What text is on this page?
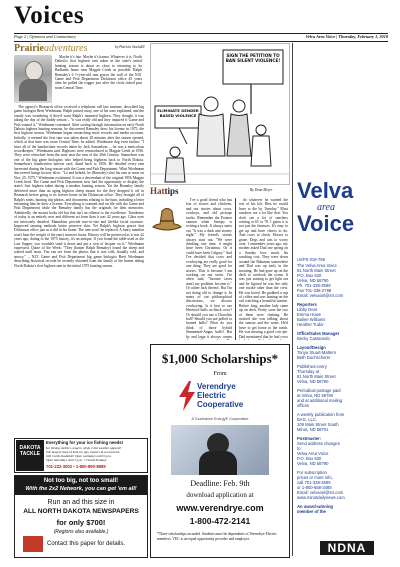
Voices
Page 2 | Opinions and Commentary	Velva Area Voice | Thursday, February 1, 2018
Prairieadventures	by Patricia Stockdill
Maybe it's fate. Maybe it's karma. Whatever it is, North Dakota's first bighorn ram taken in the state's initial hunting season is about as close to returning to its Badlands home near Magpie Creek as possible. Ralph Remaley's 6 ½-year-old ram graces the wall of the N.D. Game and Fish Department Dickinson office 45 years after he pulled the trigger just after the clock ticked past noon Central Time.
The agency's Bismarck office received a telephone call last summer, described big game biologist Brett Wiedmann. Ralph passed away, one of his sons explained, and the family was wondering if they'd want Ralph's mounted bighorn. They thought it was taking the day of the daddy season – "it was really old and they inquired if Game and Fish wanted it," Wiedmann continued. After sorting through information on early North Dakota bighorn hunting seasons, he discovered Remaley drew his license in 1975, the first bighorn season. Wiedmann began researching more records and media accounts. Initially, it seemed the first ram was taken about 20 minutes after the season opened, which at that time was noon Central Time, he added. Wiedmann dug even further. "I have all of the handwritten records taken by Jack Samuelson ... he was a meticulous recordkeeper," Wiedmann said. Bighorns were reintroduced to Magpie Creek in 1956. They were restocked from the state near the turn of the 20th Century. Samuelson was one of the big game biologists who helped bring bighorns back to North Dakota. Samuelson's handwritten harvest card, dated back to 1956. He detailed every ram harvested during the long season with the Game and Fish Department. What Wiedmann discovered brings history alive: "Lo and behold, he (Remaley) shot his ram at noon on Nov. 25, 1975," Wiedmann exclaimed. It was a descendant of the original 1956 Magpie Creek herd. The Game and Fish Department now had the opportunity to display the state's first bighorn taken during a modern hunting season. Yet the Remaley family delivered more than an aging bighorn sheep mount for the they dropped it off in Bismarck before going to its forever home in the Dickinson office. They brought all of Ralph's notes, hunting trip photos, and documents relating to the hunt, including a letter informing him he drew a license. Everything is scanned and on file with the Game and Fish Department while the Remaley family has the originals for their memories. Admittedly, the mount looks old but that isn't an offense to the excellence. Taxidermy of today is an entirely new and different art form than it was 42 years ago. Glass eyes are intricately detailed. Mannikins provide true-to-size and lifelike facial structure. Improved tanning methods better preserve skin. Yet Ralph's bighorn graces that Dickinson office just as it did in his home. The ram won't be replaced. A fancy manikin won't bear the weight of the ram's massive horns. History will be preserved as it was 42 years ago, dating to the 1975 history, it's an antique. If you found the table used as the Last Supper, you wouldn't sand it down and put a coat of lacquer on it," Wiedmann expressed. Quote of the Week: "They (hunter Ralph Remaley) found the sheep and waited until noon. You can see from the photos that it was cold, brutally cold, and snowy." – N.D. Game and Fish Department big game biologist Brett Wiedmann describing historical records he recently obtained from the family of the hunter taking North Dakota's first bighorn ram in the initial 1975 hunting season.
SIGN THE PETITION TO BAN SILENT VIOLENCE!
ELIMINATE GENDER BASED VIOLENCE
Hattips	By Dean Meyer
I've a good friend who has lots of stories and chickens, and our stories about cows, cowboys, and old pickups tracks. Remember the Potatoe cannon when Snoopy is writing a book. It always starts out "It was a dark and stormy night." My friend's stories always start out, "We were drinking one time, it might have been Christmas. Or it could have been Calgary." And I've decided that cows and cowboying are really good for one thing. They are good for stories. That is because I am working on our taxes. I've often said, "Income taxes aren't my problem. Income is." Or rather lack thereof. But I'm not doing old to change it. In many of our philosophical discussions, we discuss cowboying. Is it best to use Hereford bulls on black cows? Or should you use a Charolais bull? Should you use polled or horned bulls? What do you think of those hybrid Simmental-Angus bulls? But by and large it always comes
do whatever he wanted the rest of his life. Best he would have to die by Tuesday." Most ranchers are a lot like that. You don't see a lot of ranchers retiring at 65 or 70. I guess it is not just the finances. It's easy to get up and have chores to do. And cows to check. Horses to graze. Dogs and cats to worry over. I remember years ago, my mother asked Dad one spring on a Sunday how much his ranching cost. They were down around the Bahamas somewhere and Dad was up early in the morning. He had gone up on the deck to overlook the ocean. It was just starting to get light out and he figured he was the only one awake other than the crew. He was bored. He grabbed a cup of coffee and was leaning on the rail watching a beautiful sunrise. Before long, another lady came up on deck. Pretty soon the two of them were chatting. He noticed she was talking about the sunrise and the water. He'd have to get home to the ranch. He was missing a good cow-pie. Dad mentioned that he had cows
$1,000 Scholarships*
From
Verendrye
Electric
Cooperative
A Touchstone Energy® Cooperative
Deadline: Feb. 9th
download application at
www.verendrye.com
1-800-472-2141
*Three scholarships awarded. Students must be dependents of Verendrye Electric members. VEC is an equal opportunity provider and employer.
DAKOTA TACKLE
Everything for your ice fishing needs!
Ice fishing shelters, augers, sleds. Cold weather apparel!
The largest stock of bulk ice jigs, heaters & accessories.
Gift Cards Available! Open weekdays until 6 p.m.
Open Saturdays until 5 p.m. • Closed Sundays
701-222-3002 • 1-800-890-8889
Not too big, not too small!
With the 2x2 Network, you can get 'em all!
Run an ad this size in
ALL NORTH DAKOTA NEWSPAPERS
for only $700!
(Regions also available.)
Contact this paper for details.
Velva
area
Voice
USPS 018-796
The Velva Area Voice
81 North Main Street
P.O. Box 620
Velva, ND 58790
Ph. 701-338-2599
Fax 701-338-2788
Email: velvaonl@srt.com
Reporters
Libby Deal
Emma Howe
Bailee Williams
Heather Tudor
Office/Sales Manager
Becky Castanedo
Layout/Design
Tonya Stuart-Mattern
Beth Duchscherer
Published every
Thursday at
81 North Main Street
Velva, ND 58790
Periodical postage paid
at Velva, ND 58790
and at additional mailing
offices
A weekly publication from
BAG, LLC.
109 Main Street South
Minot, ND 58701
Postmaster:
Send address changes
to:
Velva Area Voice
P.O. Box 620
Velva, ND 58790
For subscription
prices or more info,
call 701-338-2599
or 1-800-658-3485
Email: velvaonl@srt.com
www.minotdailynews.com
An award-winning
member of the
NDNA
